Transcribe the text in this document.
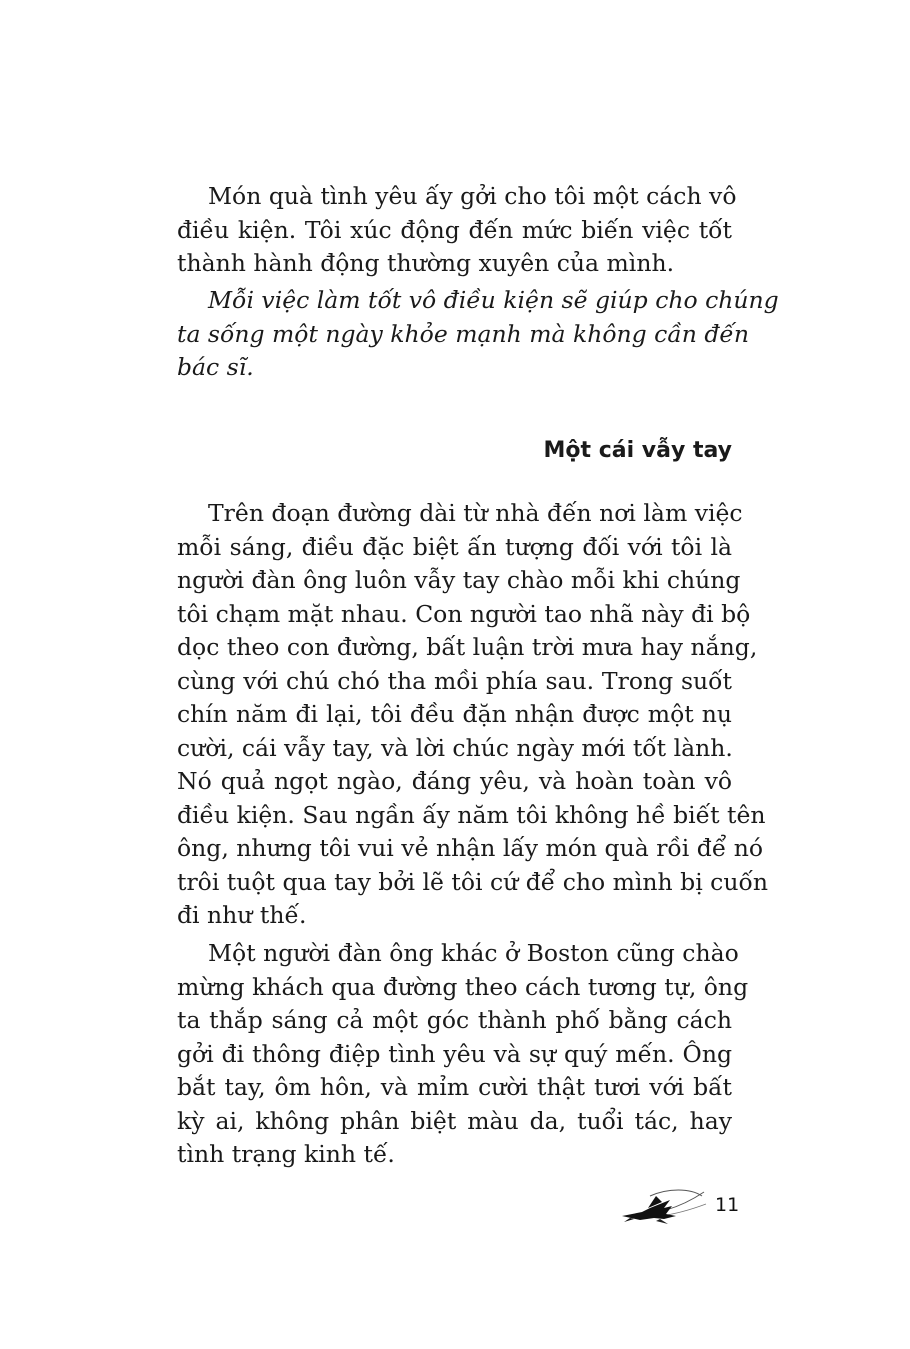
Món quà tình yêu ấy gởi cho tôi một cách vô
điều kiện. Tôi xúc động đến mức biến việc tốt
thành hành động thường xuyên của mình.

Mỗi việc làm tốt vô điều kiện sẽ giúp cho chúng
ta sống một ngày khỏe mạnh mà không cần đến
bác sĩ.

Một cái vẫy tay

Trên đoạn đường dài từ nhà đến nơi làm việc
mỗi sáng, điều đặc biệt ấn tượng đối với tôi là
người đàn ông luôn vẫy tay chào mỗi khi chúng
tôi chạm mặt nhau. Con người tao nhã này đi bộ
dọc theo con đường, bất luận trời mưa hay nắng,
cùng với chú chó tha mồi phía sau. Trong suốt
chín năm đi lại, tôi đều đặn nhận được một nụ
cười, cái vẫy tay, và lời chúc ngày mới tốt lành.
Nó quả ngọt ngào, đáng yêu, và hoàn toàn vô
điều kiện. Sau ngần ấy năm tôi không hề biết tên
ông, nhưng tôi vui vẻ nhận lấy món quà rồi để nó
trôi tuột qua tay bởi lẽ tôi cứ để cho mình bị cuốn
đi như thế.

Một người đàn ông khác ở Boston cũng chào
mừng khách qua đường theo cách tương tự, ông
ta thắp sáng cả một góc thành phố bằng cách
gởi đi thông điệp tình yêu và sự quý mến. Ông
bắt tay, ôm hôn, và mỉm cười thật tươi với bất
kỳ ai, không phân biệt màu da, tuổi tác, hay
tình trạng kinh tế.

11
